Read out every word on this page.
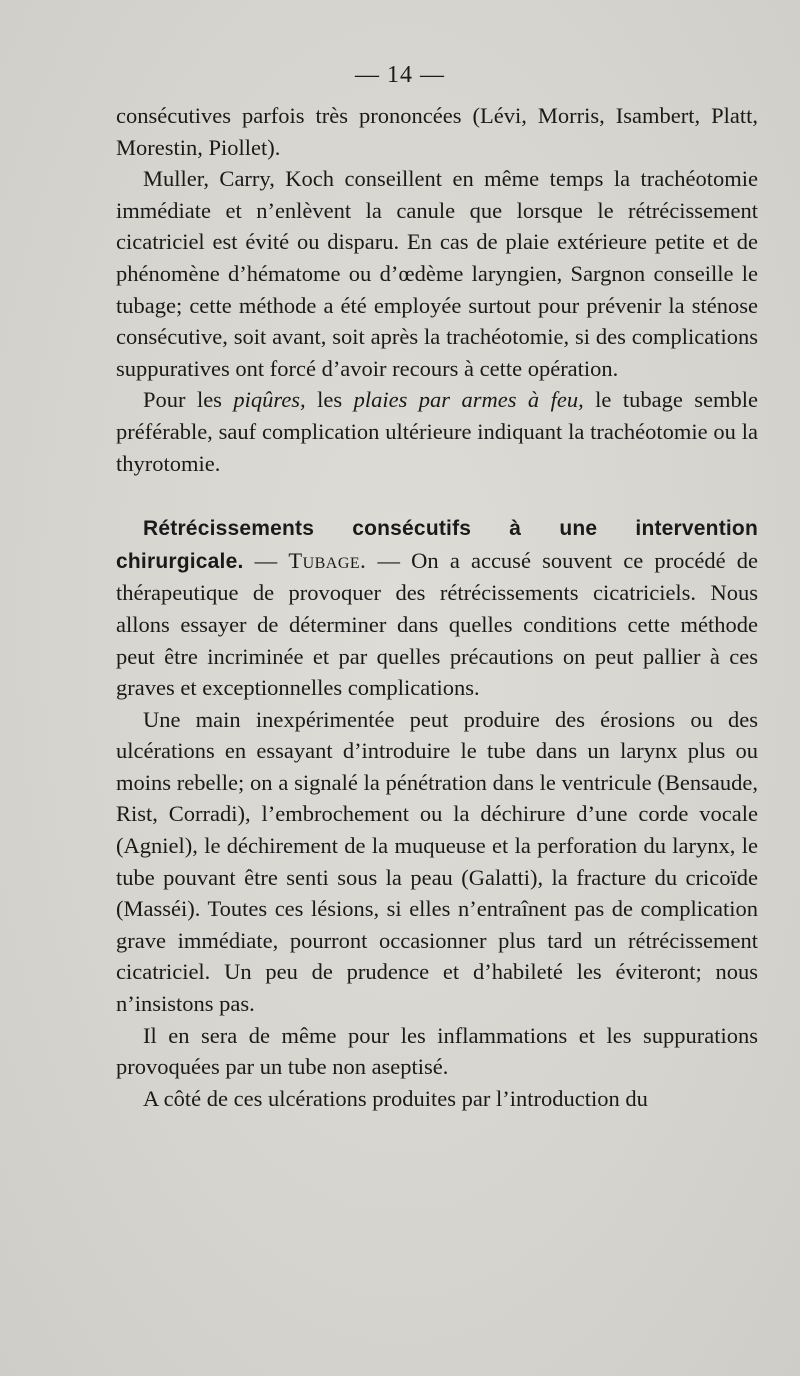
— 14 —

consécutives parfois très prononcées (Lévi, Morris, Isambert, Platt, Morestin, Piollet).

Muller, Carry, Koch conseillent en même temps la trachéotomie immédiate et n’enlèvent la canule que lorsque le rétrécissement cicatriciel est évité ou disparu. En cas de plaie extérieure petite et de phénomène d’hématome ou d’œdème laryngien, Sargnon conseille le tubage; cette méthode a été employée surtout pour prévenir la sténose consécutive, soit avant, soit après la trachéotomie, si des complications suppuratives ont forcé d’avoir recours à cette opération.

Pour les piqûres, les plaies par armes à feu, le tubage semble préférable, sauf complication ultérieure indiquant la trachéotomie ou la thyrotomie.

Rétrécissements consécutifs à une intervention chirurgicale. — Tubage. — On a accusé souvent ce procédé de thérapeutique de provoquer des rétrécissements cicatriciels. Nous allons essayer de déterminer dans quelles conditions cette méthode peut être incriminée et par quelles précautions on peut pallier à ces graves et exceptionnelles complications.

Une main inexpérimentée peut produire des érosions ou des ulcérations en essayant d’introduire le tube dans un larynx plus ou moins rebelle; on a signalé la pénétration dans le ventricule (Bensaude, Rist, Corradi), l’embrochement ou la déchirure d’une corde vocale (Agniel), le déchirement de la muqueuse et la perforation du larynx, le tube pouvant être senti sous la peau (Galatti), la fracture du cricoïde (Masséi). Toutes ces lésions, si elles n’entraînent pas de complication grave immédiate, pourront occasionner plus tard un rétrécissement cicatriciel. Un peu de prudence et d’habileté les éviteront; nous n’insistons pas.

Il en sera de même pour les inflammations et les suppurations provoquées par un tube non aseptisé.

A côté de ces ulcérations produites par l’introduction du
